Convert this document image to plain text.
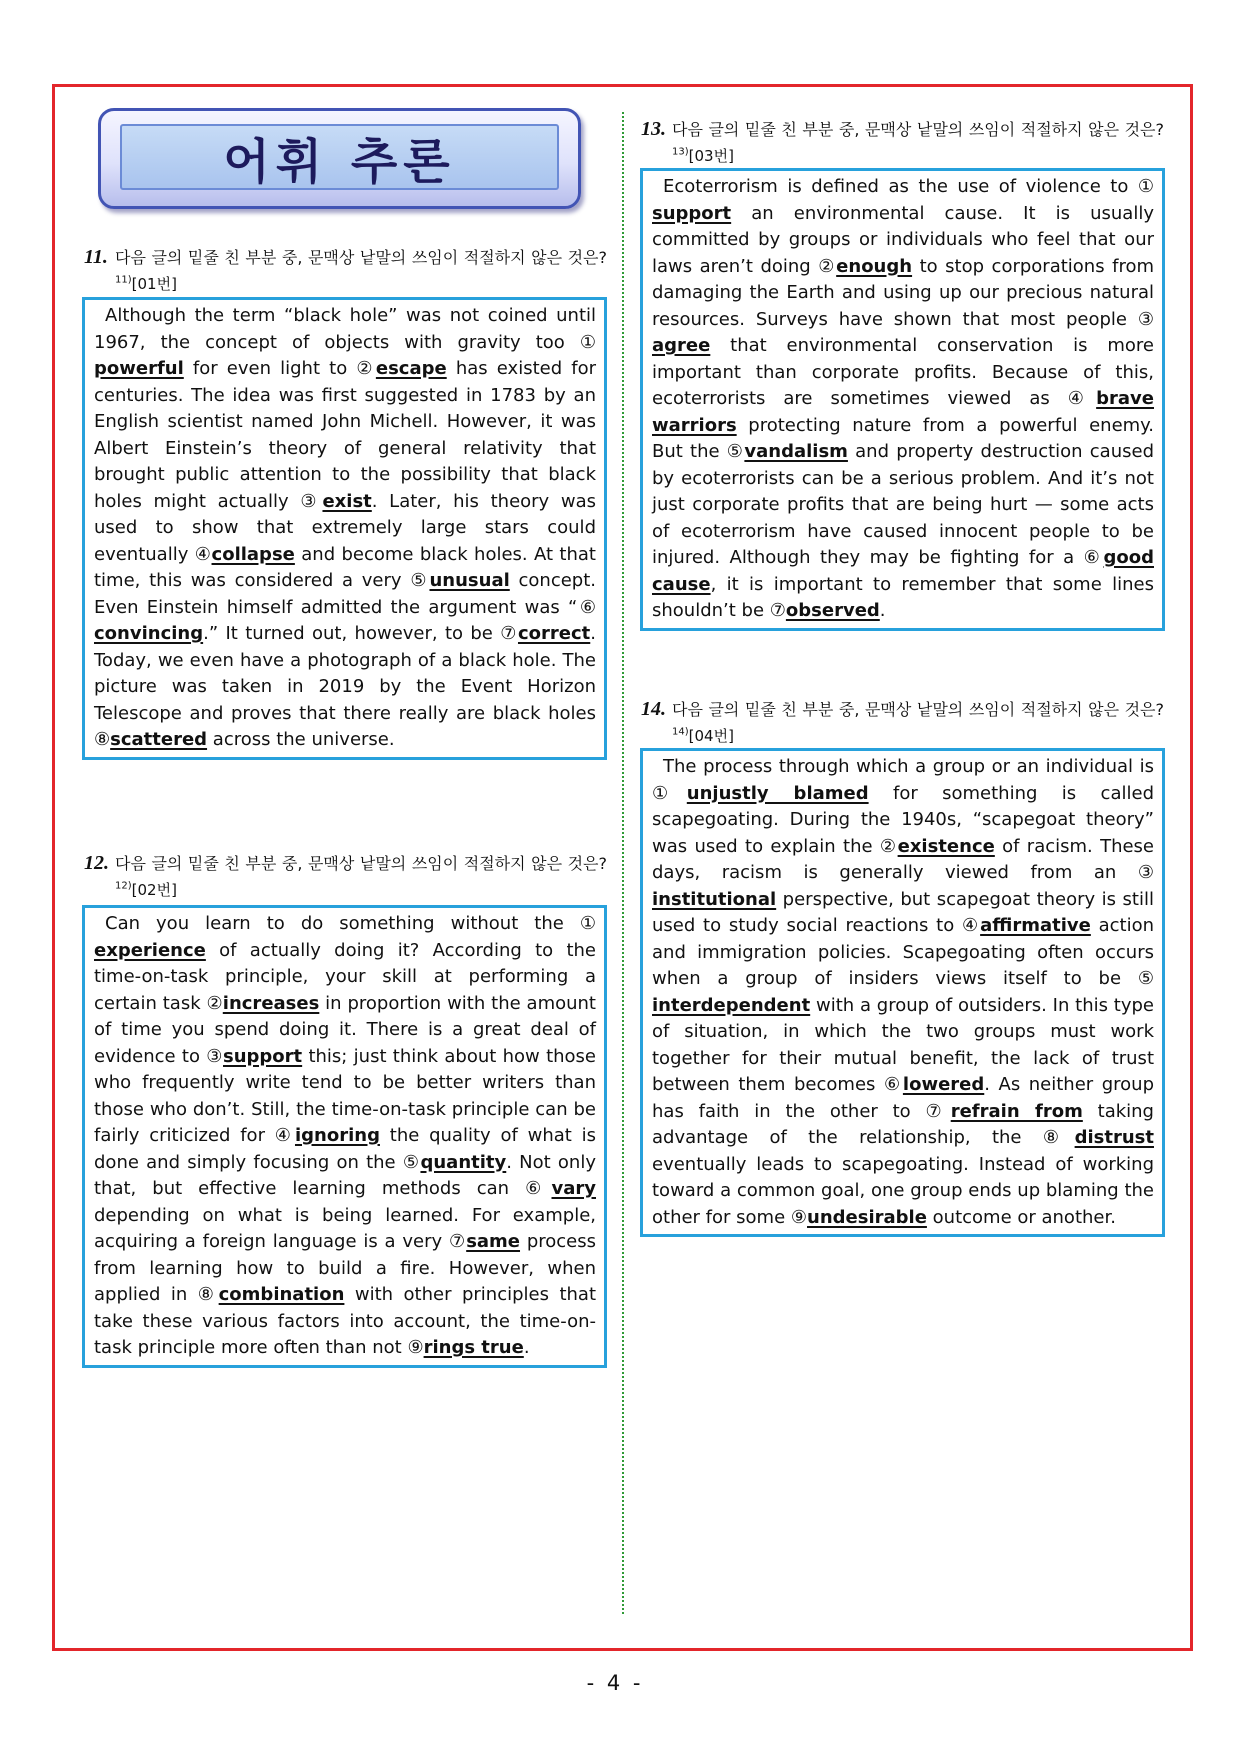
어휘 추론
11. 다음 글의 밑줄 친 부분 중, 문맥상 낱말의 쓰임이 적절하지 않은 것은?$^{11)}$[01번]
Although the term “black hole” was not coined until 1967, the concept of objects with gravity too ①powerful for even light to ②escape has existed for centuries. The idea was first suggested in 1783 by an English scientist named John Michell. However, it was Albert Einstein’s theory of general relativity that brought public attention to the possibility that black holes might actually ③exist. Later, his theory was used to show that extremely large stars could eventually ④collapse and become black holes. At that time, this was considered a very ⑤unusual concept. Even Einstein himself admitted the argument was “⑥convincing.” It turned out, however, to be ⑦correct. Today, we even have a photograph of a black hole. The picture was taken in 2019 by the Event Horizon Telescope and proves that there really are black holes ⑧scattered across the universe.
12. 다음 글의 밑줄 친 부분 중, 문맥상 낱말의 쓰임이 적절하지 않은 것은?$^{12)}$[02번]
Can you learn to do something without the ①experience of actually doing it? According to the time-on-task principle, your skill at performing a certain task ②increases in proportion with the amount of time you spend doing it. There is a great deal of evidence to ③support this; just think about how those who frequently write tend to be better writers than those who don’t. Still, the time-on-task principle can be fairly criticized for ④ignoring the quality of what is done and simply focusing on the ⑤quantity. Not only that, but effective learning methods can ⑥vary depending on what is being learned. For example, acquiring a foreign language is a very ⑦same process from learning how to build a fire. However, when applied in ⑧combination with other principles that take these various factors into account, the time-on-task principle more often than not ⑨rings true.
13. 다음 글의 밑줄 친 부분 중, 문맥상 낱말의 쓰임이 적절하지 않은 것은?$^{13)}$[03번]
Ecoterrorism is defined as the use of violence to ①support an environmental cause. It is usually committed by groups or individuals who feel that our laws aren’t doing ②enough to stop corporations from damaging the Earth and using up our precious natural resources. Surveys have shown that most people ③agree that environmental conservation is more important than corporate profits. Because of this, ecoterrorists are sometimes viewed as ④brave warriors protecting nature from a powerful enemy. But the ⑤vandalism and property destruction caused by ecoterrorists can be a serious problem. And it’s not just corporate profits that are being hurt — some acts of ecoterrorism have caused innocent people to be injured. Although they may be fighting for a ⑥good cause, it is important to remember that some lines shouldn’t be ⑦observed.
14. 다음 글의 밑줄 친 부분 중, 문맥상 낱말의 쓰임이 적절하지 않은 것은?$^{14)}$[04번]
The process through which a group or an individual is ①unjustly blamed for something is called scapegoating. During the 1940s, “scapegoat theory” was used to explain the ②existence of racism. These days, racism is generally viewed from an ③institutional perspective, but scapegoat theory is still used to study social reactions to ④affirmative action and immigration policies. Scapegoating often occurs when a group of insiders views itself to be ⑤interdependent with a group of outsiders. In this type of situation, in which the two groups must work together for their mutual benefit, the lack of trust between them becomes ⑥lowered. As neither group has faith in the other to ⑦refrain from taking advantage of the relationship, the ⑧distrust eventually leads to scapegoating. Instead of working toward a common goal, one group ends up blaming the other for some ⑨undesirable outcome or another.
- 4 -
